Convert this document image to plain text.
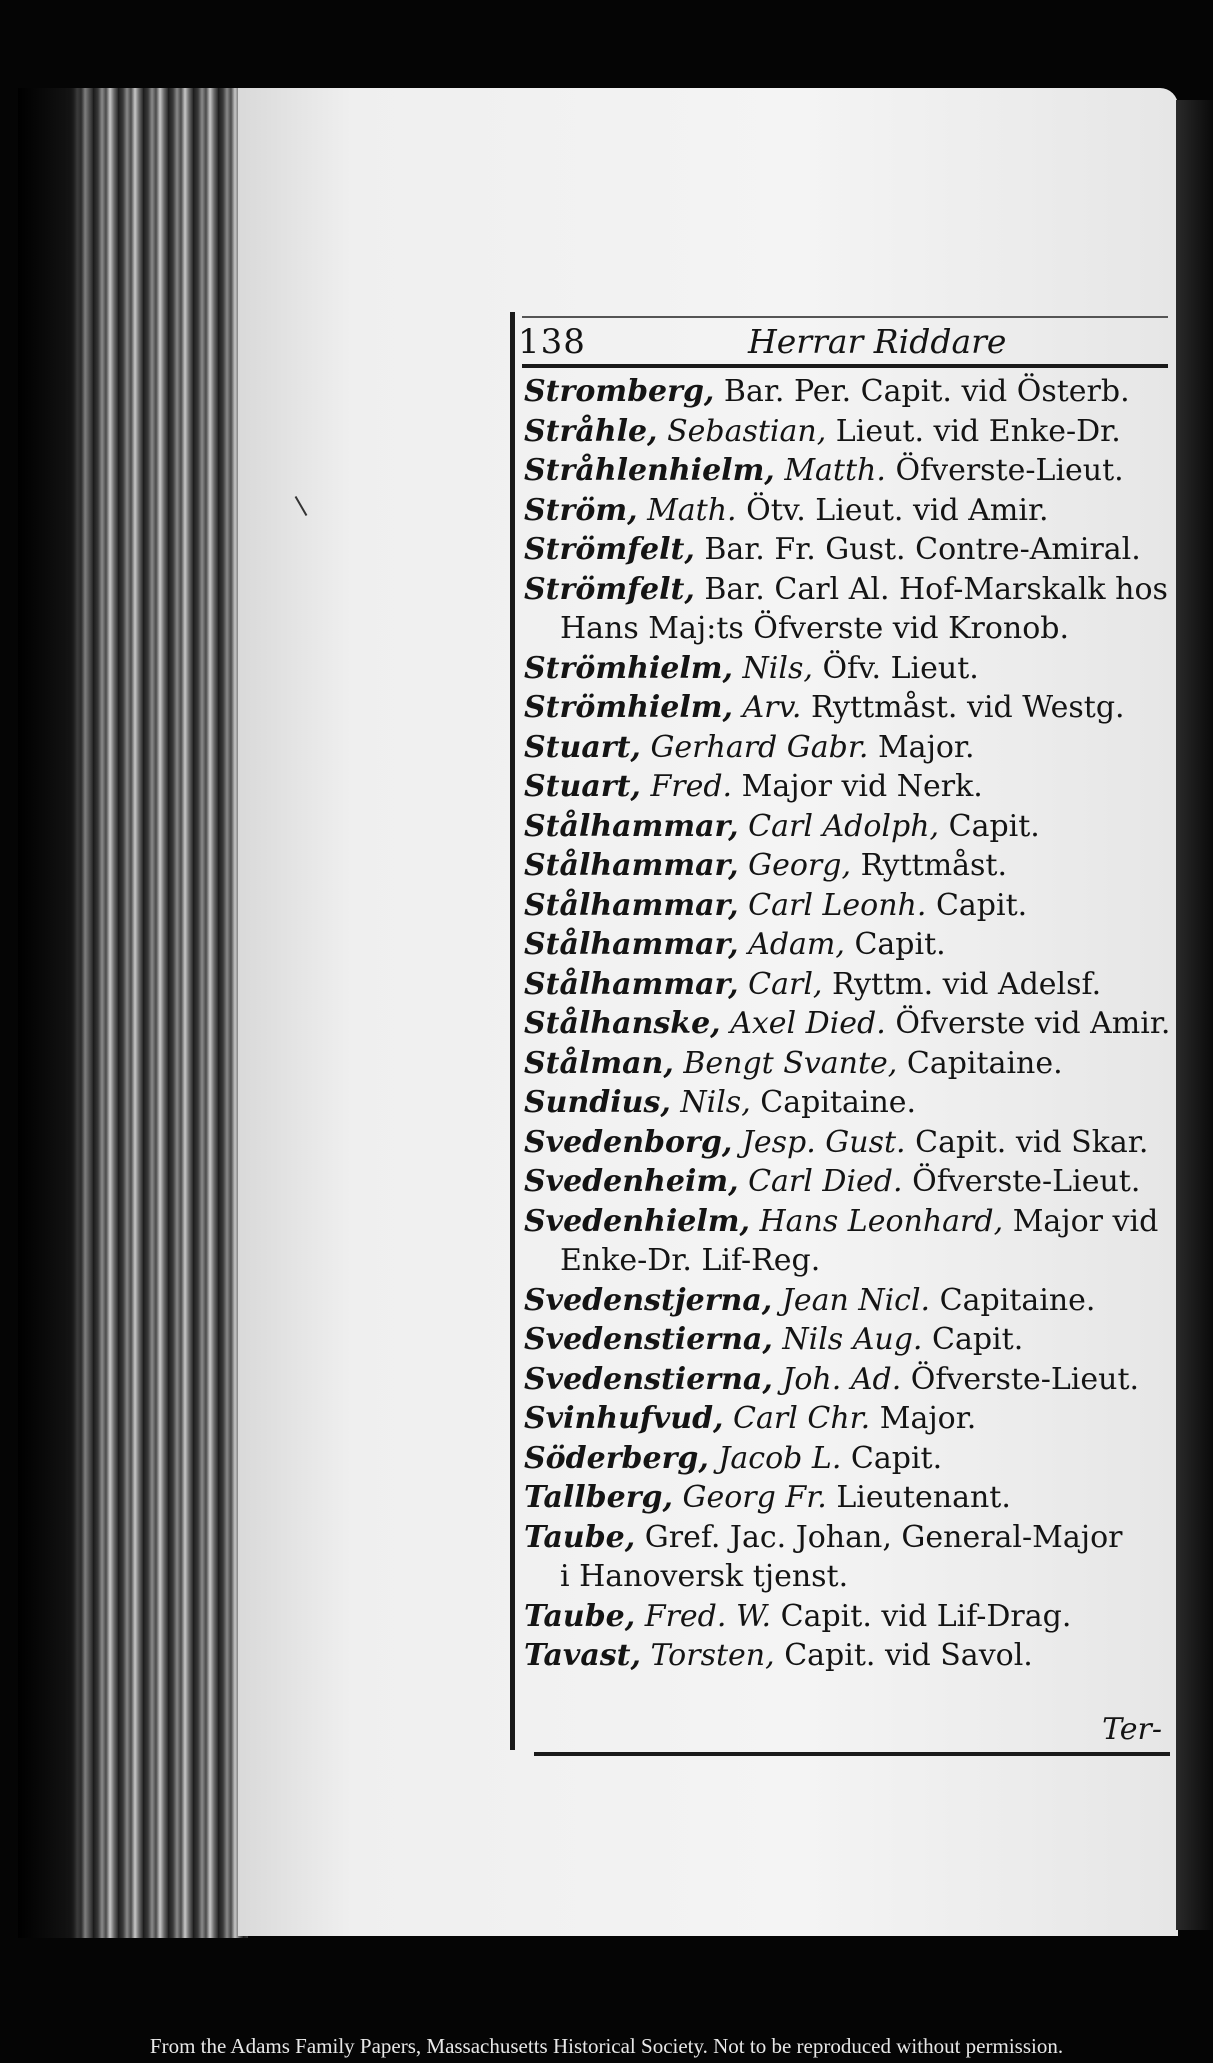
138	Herrar Riddare
Stromberg, Bar. Per. Capit. vid Österb.
Stråhle, Sebastian, Lieut. vid Enke-Dr.
Stråhlenhielm, Matth. Öfverste-Lieut.
Ström, Math. Ötv. Lieut. vid Amir.
Strömfelt, Bar. Fr. Gust. Contre-Amiral.
Strömfelt, Bar. Carl Al. Hof-Marskalk hos
Hans Maj:ts Öfverste vid Kronob.
Strömhielm, Nils, Öfv. Lieut.
Strömhielm, Arv. Ryttmåst. vid Westg.
Stuart, Gerhard Gabr. Major.
Stuart, Fred. Major vid Nerk.
Stålhammar, Carl Adolph, Capit.
Stålhammar, Georg, Ryttmåst.
Stålhammar, Carl Leonh. Capit.
Stålhammar, Adam, Capit.
Stålhammar, Carl, Ryttm. vid Adelsf.
Stålhanske, Axel Died. Öfverste vid Amir.
Stålman, Bengt Svante, Capitaine.
Sundius, Nils, Capitaine.
Svedenborg, Jesp. Gust. Capit. vid Skar.
Svedenheim, Carl Died. Öfverste-Lieut.
Svedenhielm, Hans Leonhard, Major vid
Enke-Dr. Lif-Reg.
Svedenstjerna, Jean Nicl. Capitaine.
Svedenstierna, Nils Aug. Capit.
Svedenstierna, Joh. Ad. Öfverste-Lieut.
Svinhufvud, Carl Chr. Major.
Söderberg, Jacob L. Capit.
Tallberg, Georg Fr. Lieutenant.
Taube, Gref. Jac. Johan, General-Major
i Hanoversk tjenst.
Taube, Fred. W. Capit. vid Lif-Drag.
Tavast, Torsten, Capit. vid Savol.
Ter-
From the Adams Family Papers, Massachusetts Historical Society. Not to be reproduced without permission.
